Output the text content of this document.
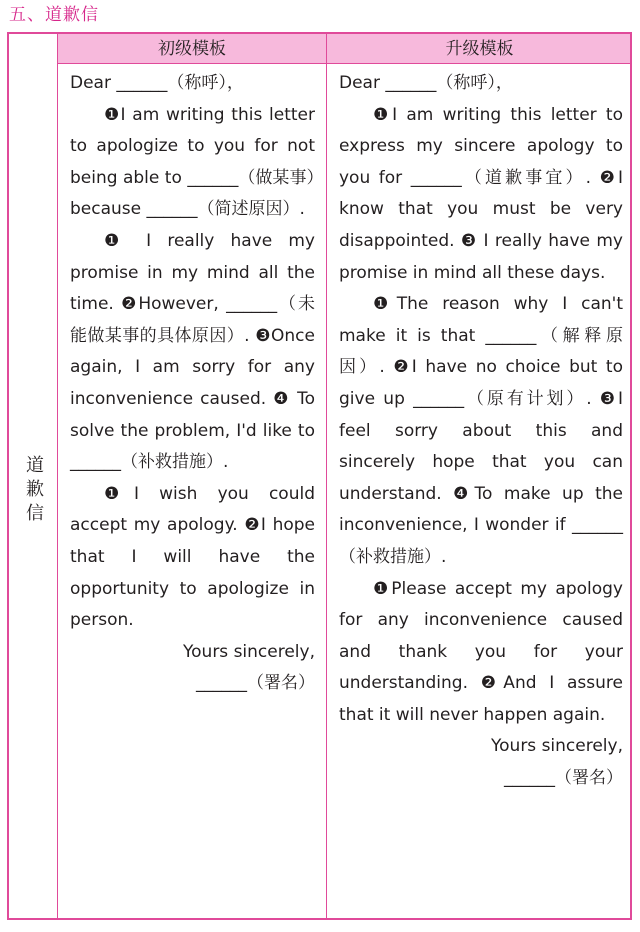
五、道歉信
初级模板	升级模板
道歉信

Dear ______（称呼），

❶I am writing this letter to apologize to you for not being able to ______（做某事）because ______（简述原因）.

❶ I really have my promise in my mind all the time. ❷However, ______（未能做某事的具体原因）. ❸Once again, I am sorry for any inconvenience caused. ❹ To solve the problem, I'd like to ______（补救措施）.

❶I wish you could accept my apology. ❷I hope that I will have the opportunity to apologize in person.

Yours sincerely,

______（署名）

Dear ______（称呼），

❶I am writing this letter to express my sincere apology to you for ______（道歉事宜）. ❷I know that you must be very disappointed. ❸ I really have my promise in mind all these days.

❶The reason why I can't make it is that ______（解释原因）. ❷I have no choice but to give up ______（原有计划）. ❸I feel sorry about this and sincerely hope that you can understand. ❹To make up the inconvenience, I wonder if ______（补救措施）.

❶Please accept my apology for any inconvenience caused and thank you for your understanding. ❷And I assure that it will never happen again.

Yours sincerely,

______（署名）
